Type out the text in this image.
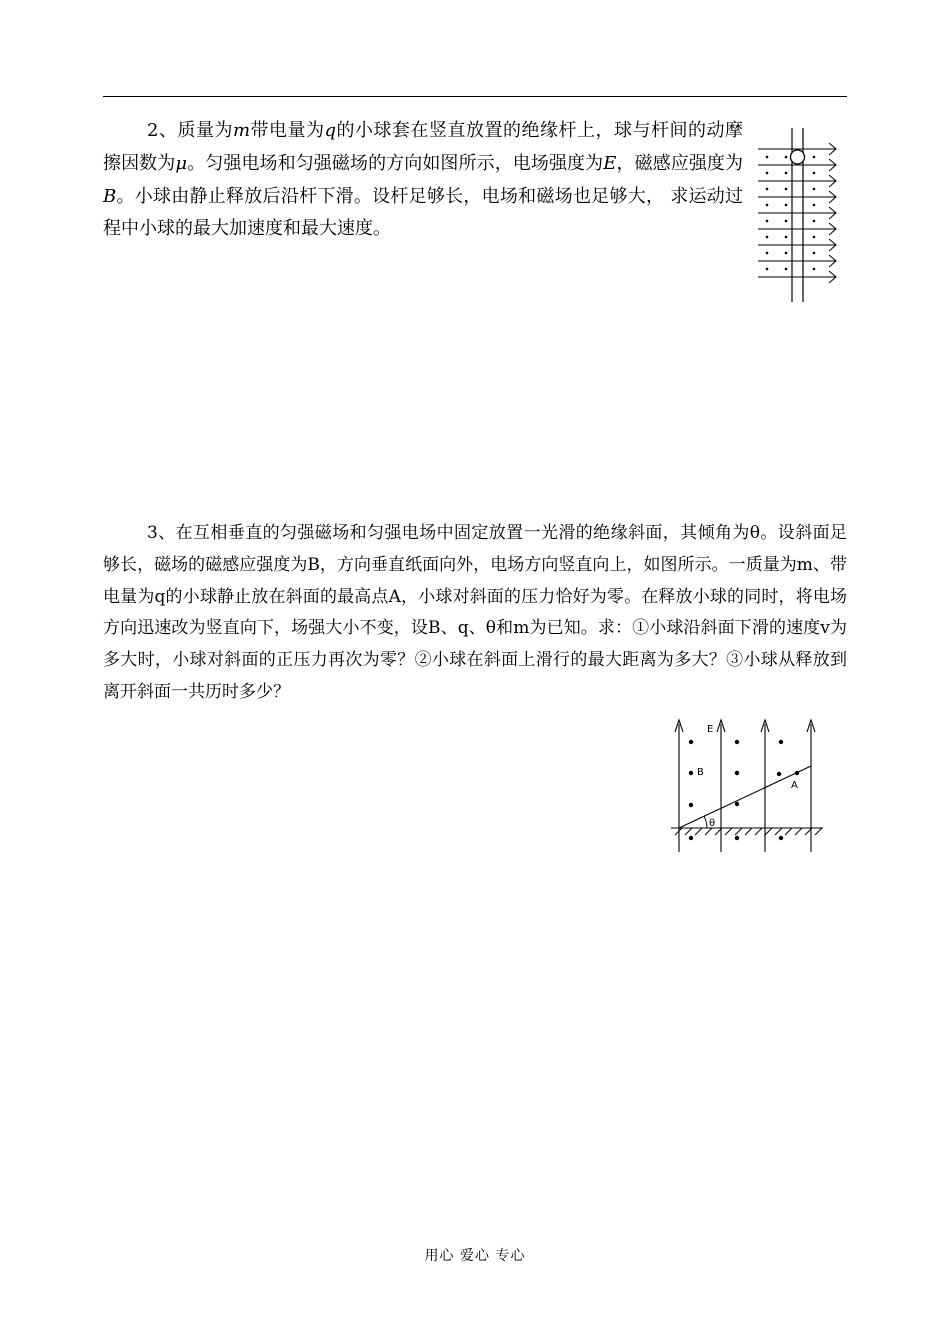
2、质量为m带电量为q的小球套在竖直放置的绝缘杆上，球与杆间的动摩擦因数为μ。匀强电场和匀强磁场的方向如图所示，电场强度为E，磁感应强度为B。小球由静止释放后沿杆下滑。设杆足够长，电场和磁场也足够大， 求运动过程中小球的最大加速度和最大速度。

3、在互相垂直的匀强磁场和匀强电场中固定放置一光滑的绝缘斜面，其倾角为θ。设斜面足够长，磁场的磁感应强度为B，方向垂直纸面向外，电场方向竖直向上，如图所示。一质量为m、带电量为q的小球静止放在斜面的最高点A，小球对斜面的压力恰好为零。在释放小球的同时，将电场方向迅速改为竖直向下，场强大小不变，设B、q、θ和m为已知。求：①小球沿斜面下滑的速度v为多大时，小球对斜面的正压力再次为零？②小球在斜面上滑行的最大距离为多大？③小球从释放到离开斜面一共历时多少？

E
B
θ
A
用心 爱心 专心
